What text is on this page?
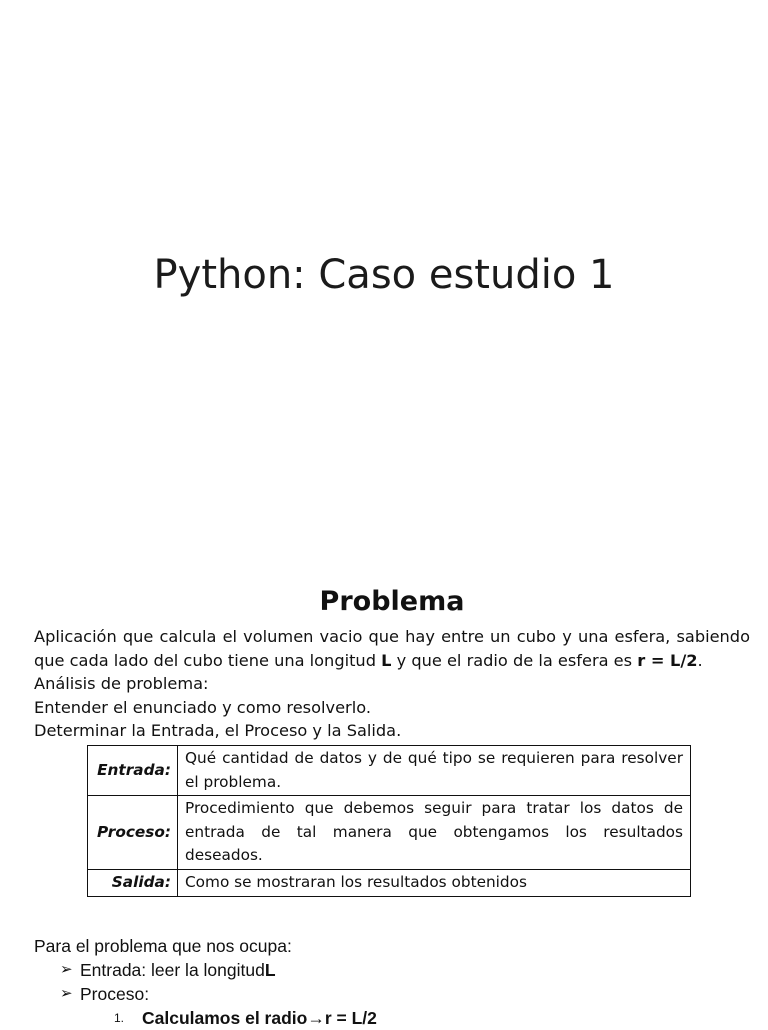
Python: Caso estudio 1
Problema

Aplicación que calcula el volumen vacio que hay entre un cubo y una esfera, sabiendo que cada lado del cubo tiene una longitud L y que el radio de la esfera es r = L/2.

Análisis de problema:

Entender el enunciado y como resolverlo.

Determinar la Entrada, el Proceso y la Salida.

Entrada:	Qué cantidad de datos y de qué tipo se requieren para resolver el problema.
Proceso:	Procedimiento que debemos seguir para tratar los datos de entrada de tal manera que obtengamos los resultados deseados.
Salida:	Como se mostraran los resultados obtenidos

Para el problema que nos ocupa:

➢ Entrada: leer la longitud L
➢ Proceso:
1.	Calculamos el radio → r = L/2
